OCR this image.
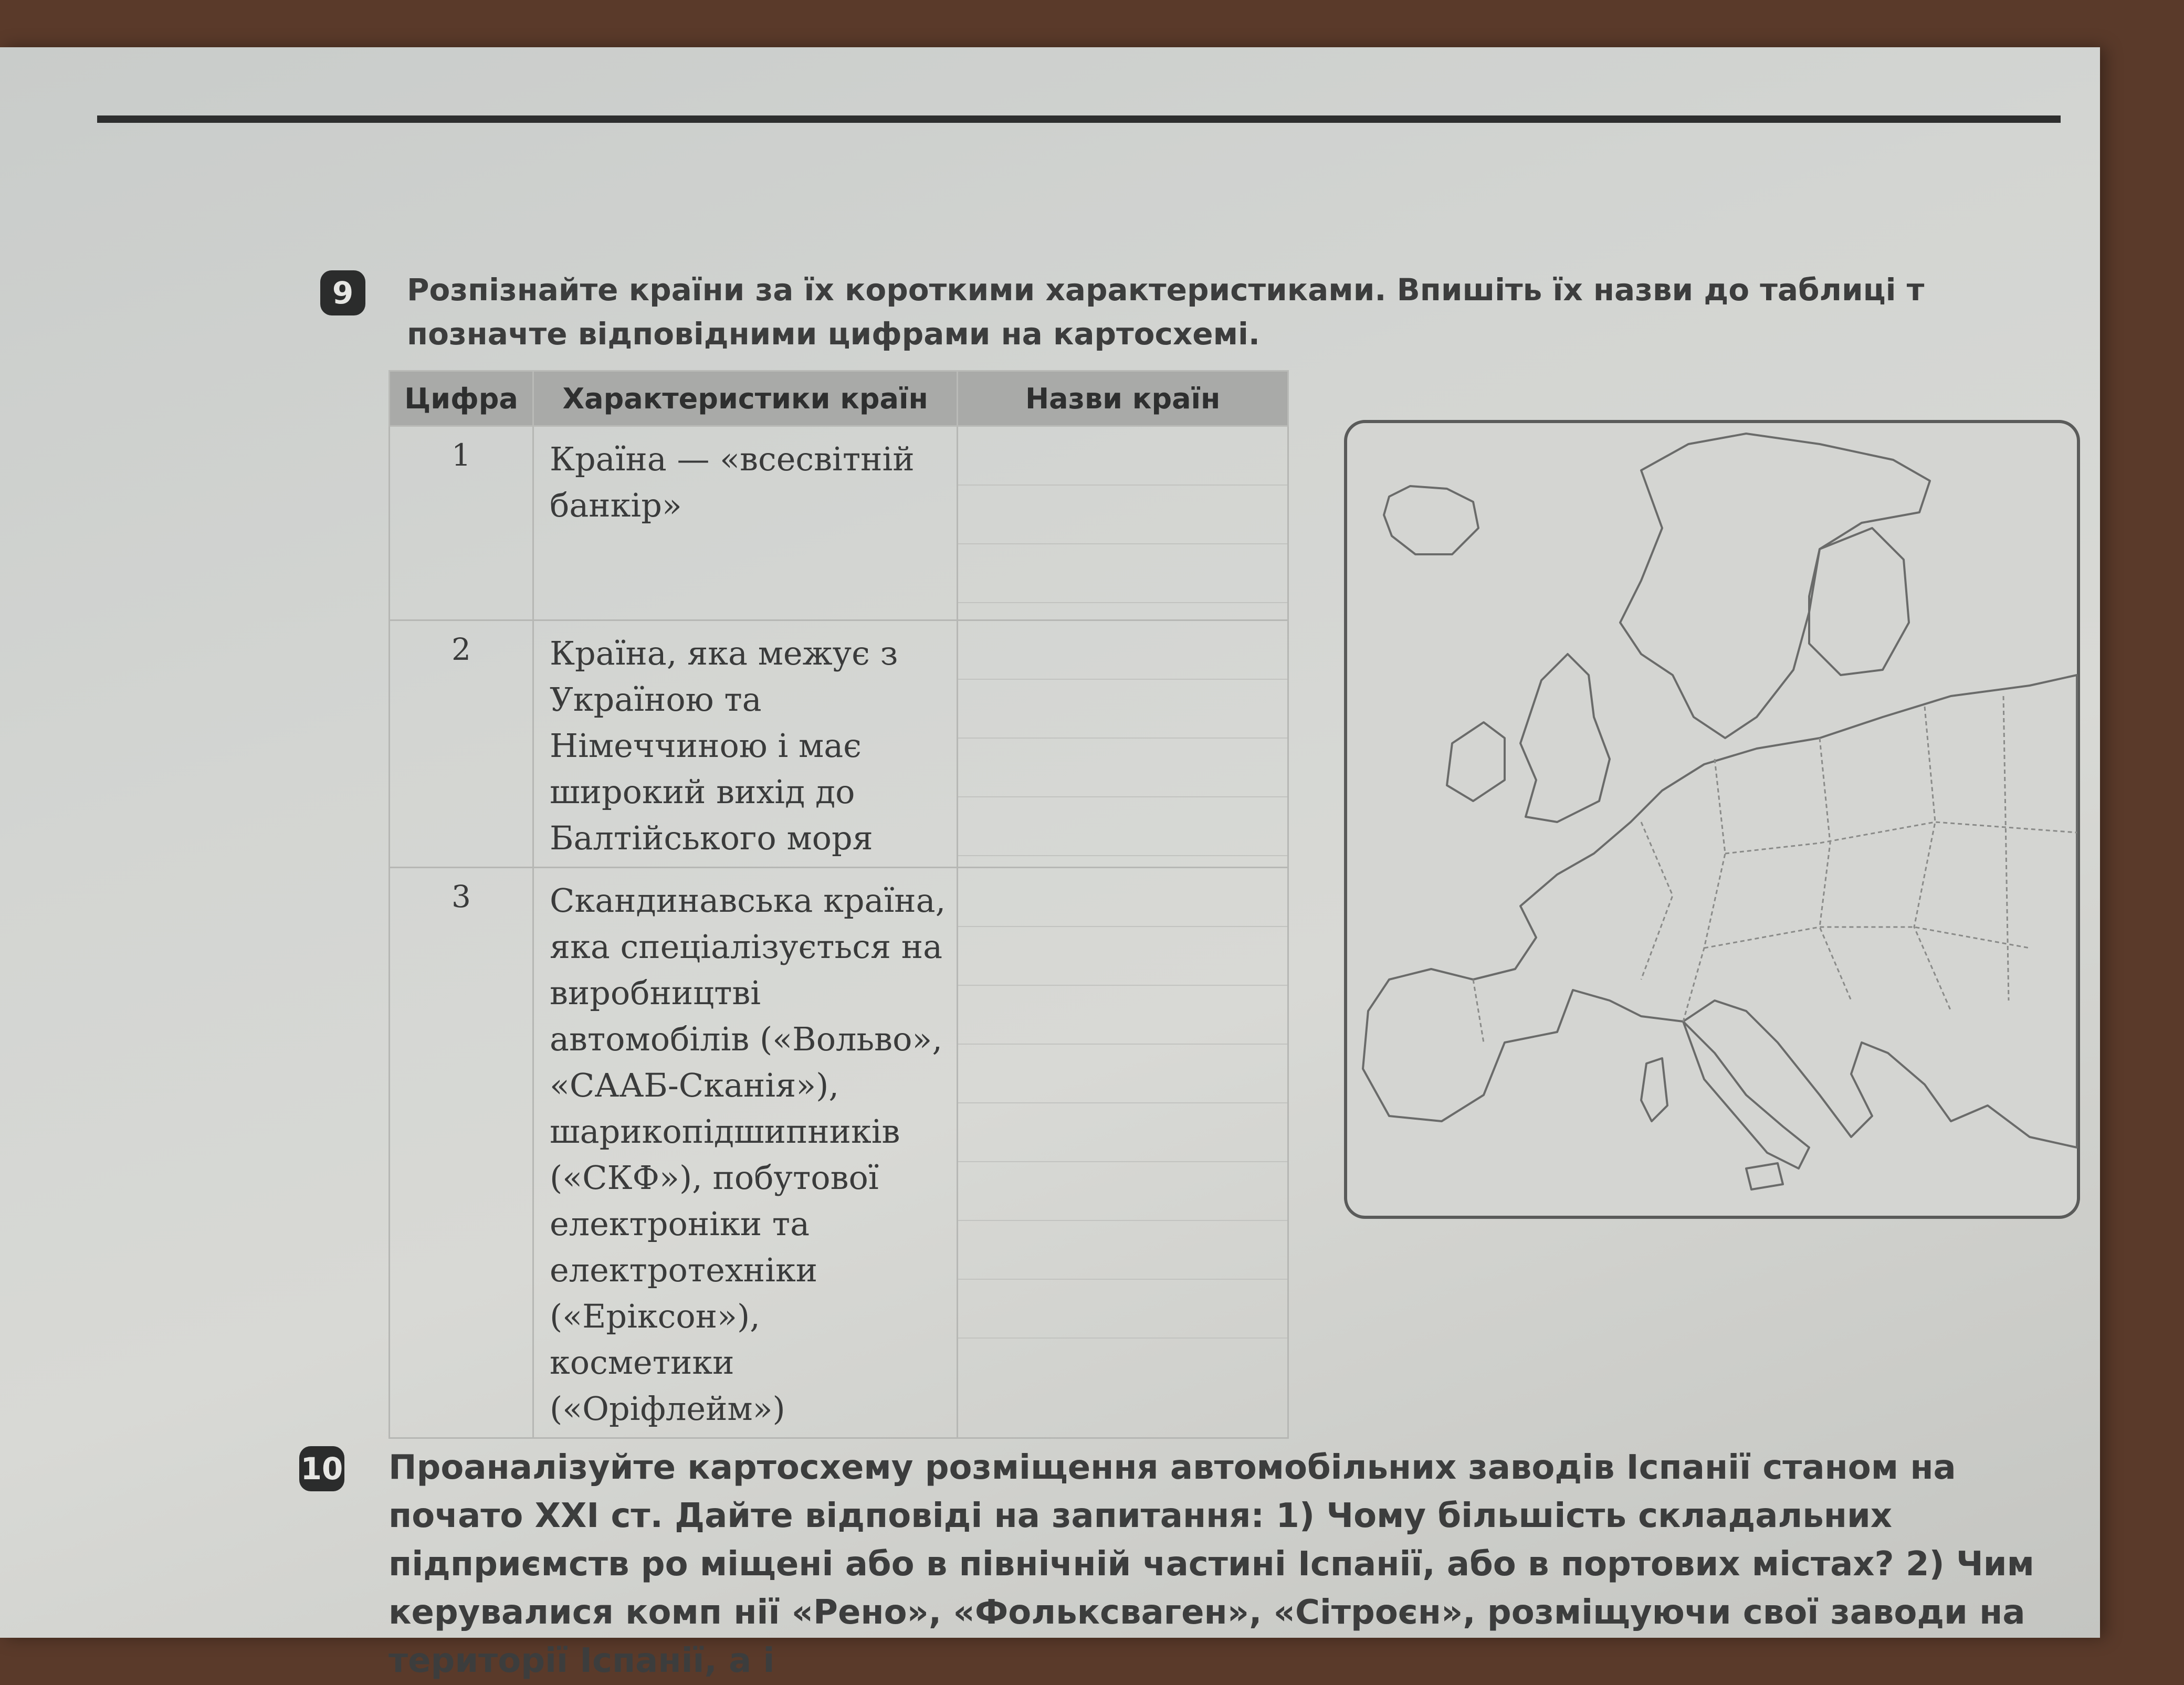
9 Розпізнайте країни за їх короткими характеристиками. Впишіть їх назви до таблиці т позначте відповідними цифрами на картосхемі.
Цифра	Характеристики країн	Назви країн
1	Країна — «всесвітній банкір»	

2	Країна, яка межує з Україною та Німеччиною і має широкий вихід до Балтійського моря	

3	Скандинавська країна, яка спеціалізується на виробництві автомобілів («Вольво», «СААБ-Сканія»), шарикопідшипників («СКФ»), побутової електроніки та електротехніки («Ерікcон»), косметики («Оріфлейм»)	
10 Проаналізуйте картосхему розміщення автомобільних заводів Іспанії станом на почато XXI ст. Дайте відповіді на запитання: 1) Чому більшість складальних підприємств ро міщені або в північній частині Іспанії, або в портових містах? 2) Чим керувалися комп нії «Рено», «Фольксваген», «Сітроєн», розміщуючи свої заводи на території Іспанії, а і
